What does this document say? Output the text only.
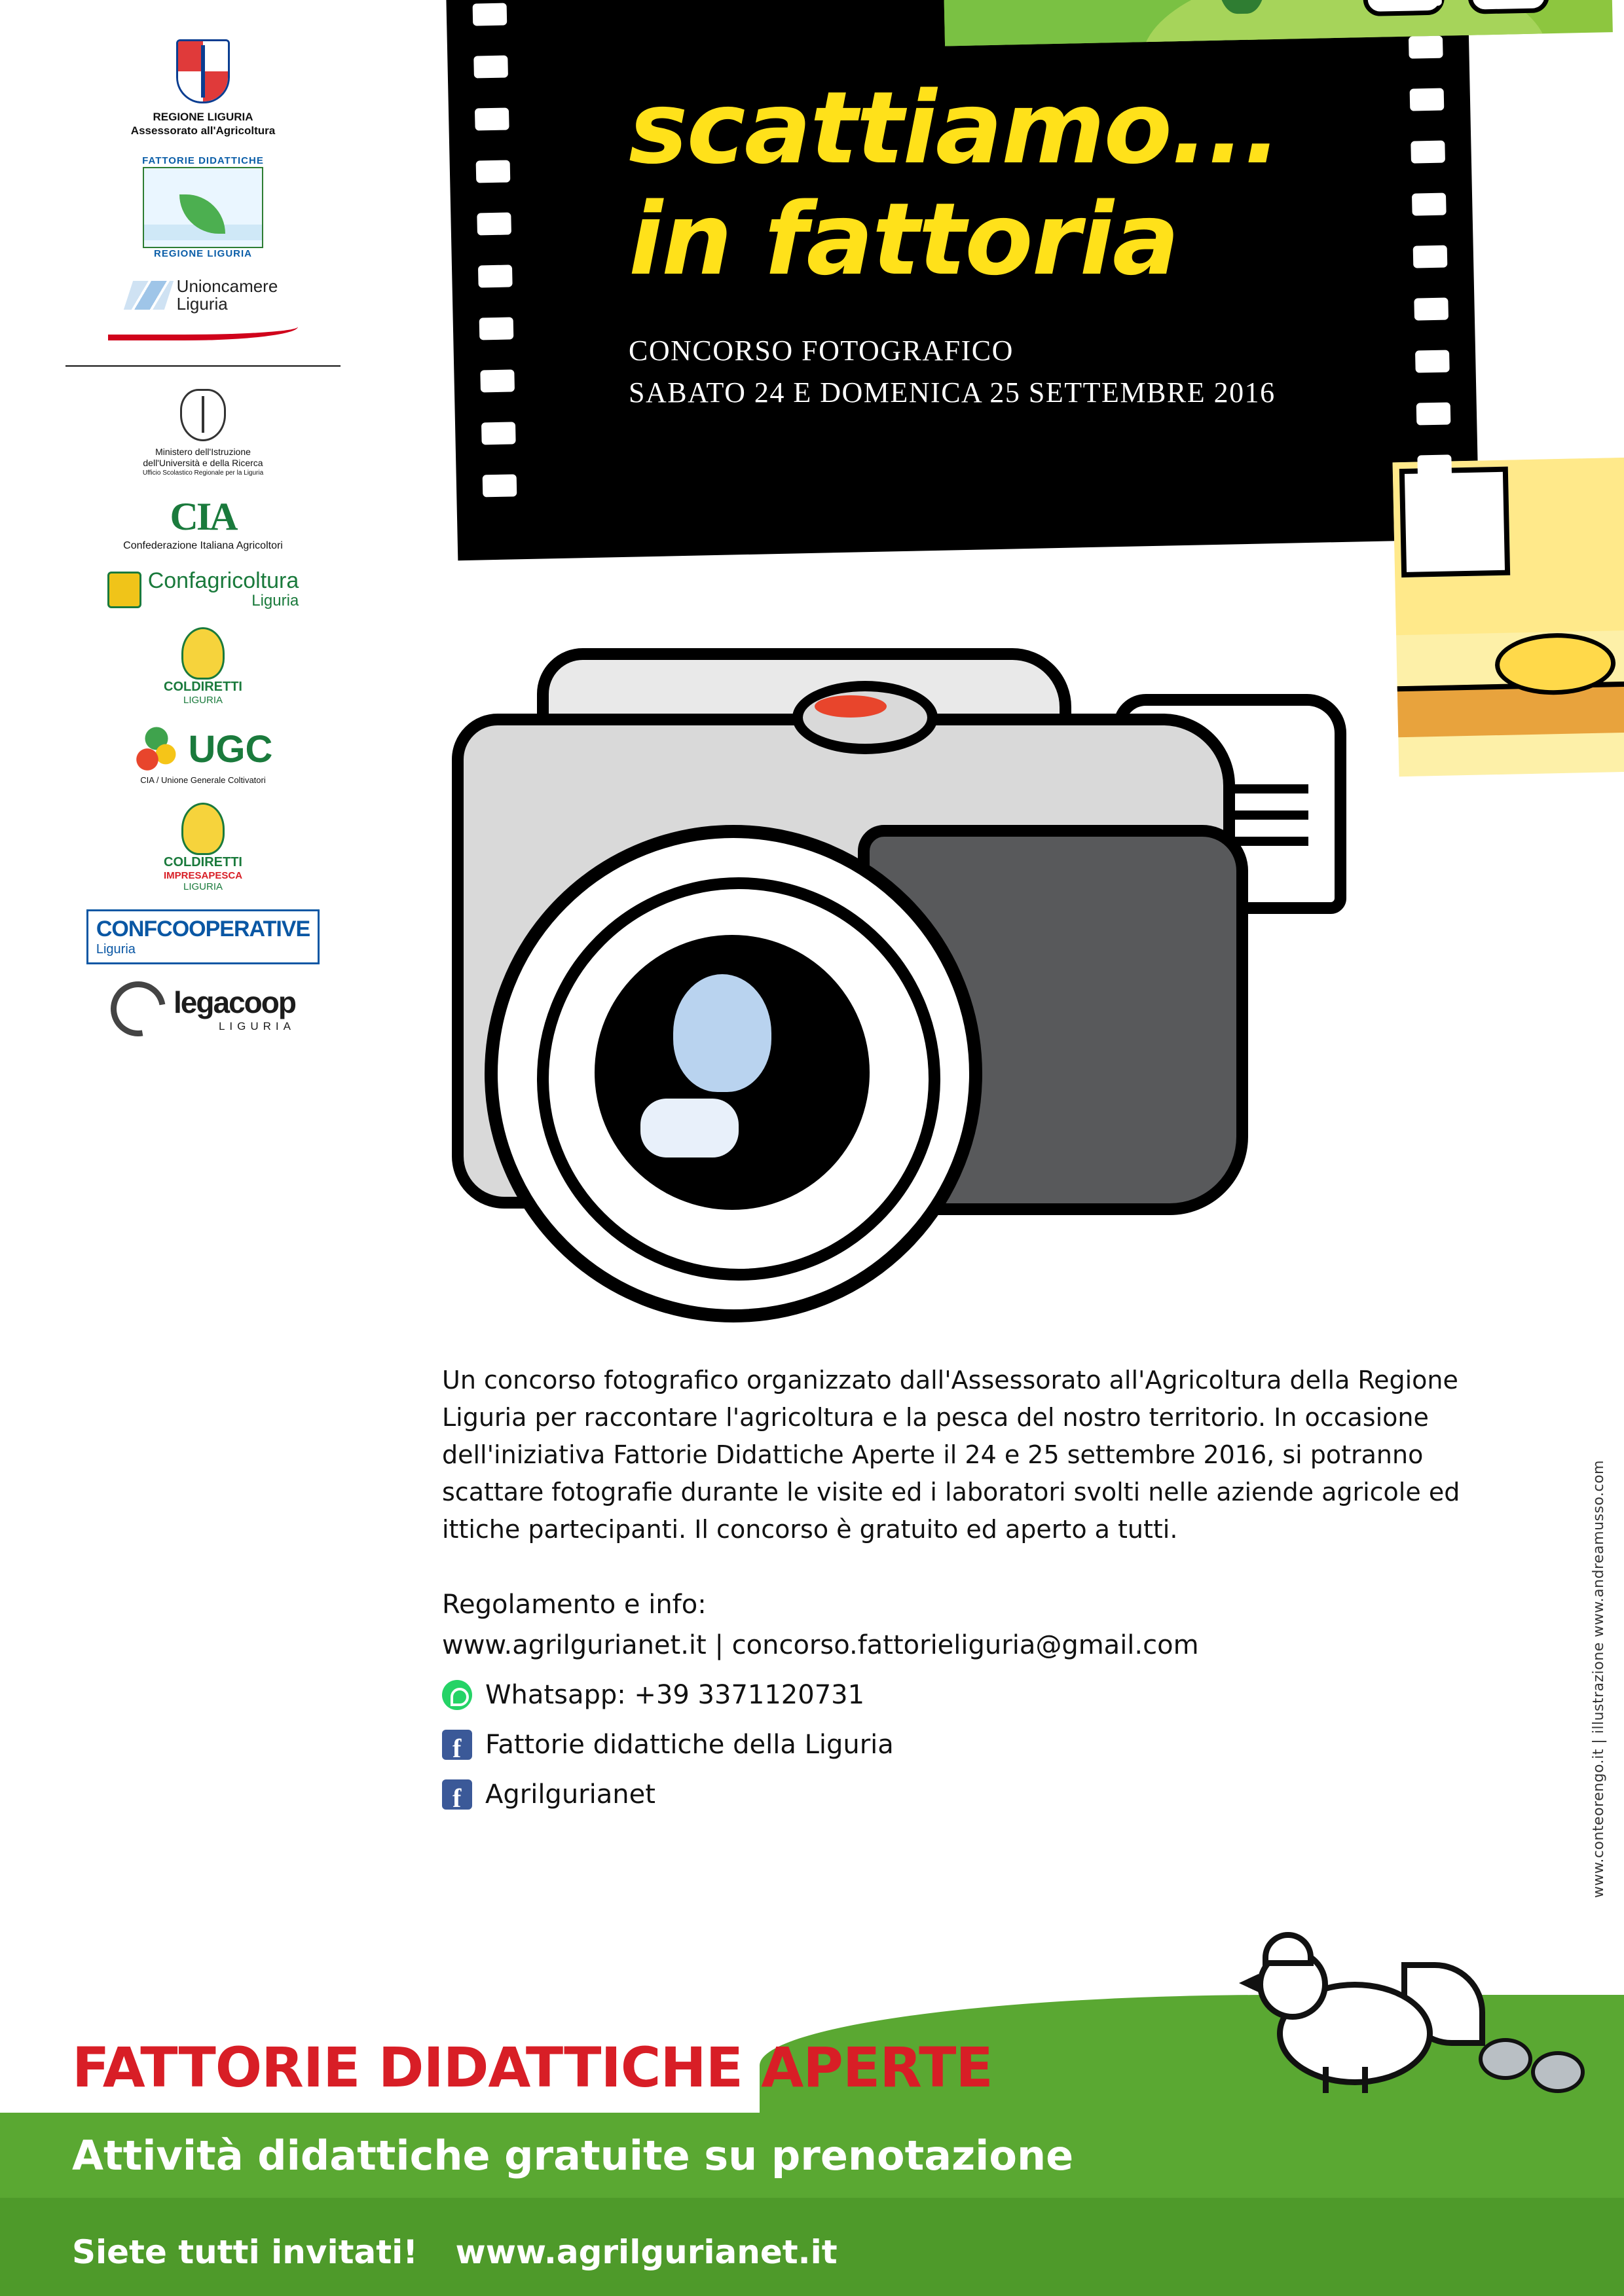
scattiamo...
in fattoria
CONCORSO FOTOGRAFICO
SABATO 24 E DOMENICA 25 SETTEMBRE 2016
REGIONE LIGURIA
Assessorato all'Agricoltura
FATTORIE DIDATTICHE
REGIONE LIGURIA
Unioncamere
Liguria
Ministero dell'Istruzione
dell'Università e della Ricerca
Ufficio Scolastico Regionale per la Liguria
CIA
Confederazione Italiana Agricoltori
Confagricoltura
Liguria
COLDIRETTI
LIGURIA
UGC
CIA / Unione Generale Coltivatori
COLDIRETTI
IMPRESAPESCA
LIGURIA
CONFCOOPERATIVE
Liguria
legacoop
LIGURIA
Un concorso fotografico organizzato dall'Assessorato all'Agricoltura della Regione Liguria per raccontare l'agricoltura e la pesca del nostro territorio. In occasione dell'iniziativa Fattorie Didattiche Aperte il 24 e 25 settembre 2016, si potranno scattare fotografie durante le visite ed i laboratori svolti nelle aziende agricole ed ittiche partecipanti. Il concorso è gratuito ed aperto a tutti.
Regolamento e info:
www.agrilgurianet.it | concorso.fattorieliguria@gmail.com
Whatsapp: +39 3371120731
f
Fattorie didattiche della Liguria
f
Agrilgurianet	www.conteorengo.it | illustrazione www.andreamusso.com
FATTORIE DIDATTICHE APERTE
Attività didattiche gratuite su prenotazione
Siete tutti invitati! www.agrilgurianet.it
